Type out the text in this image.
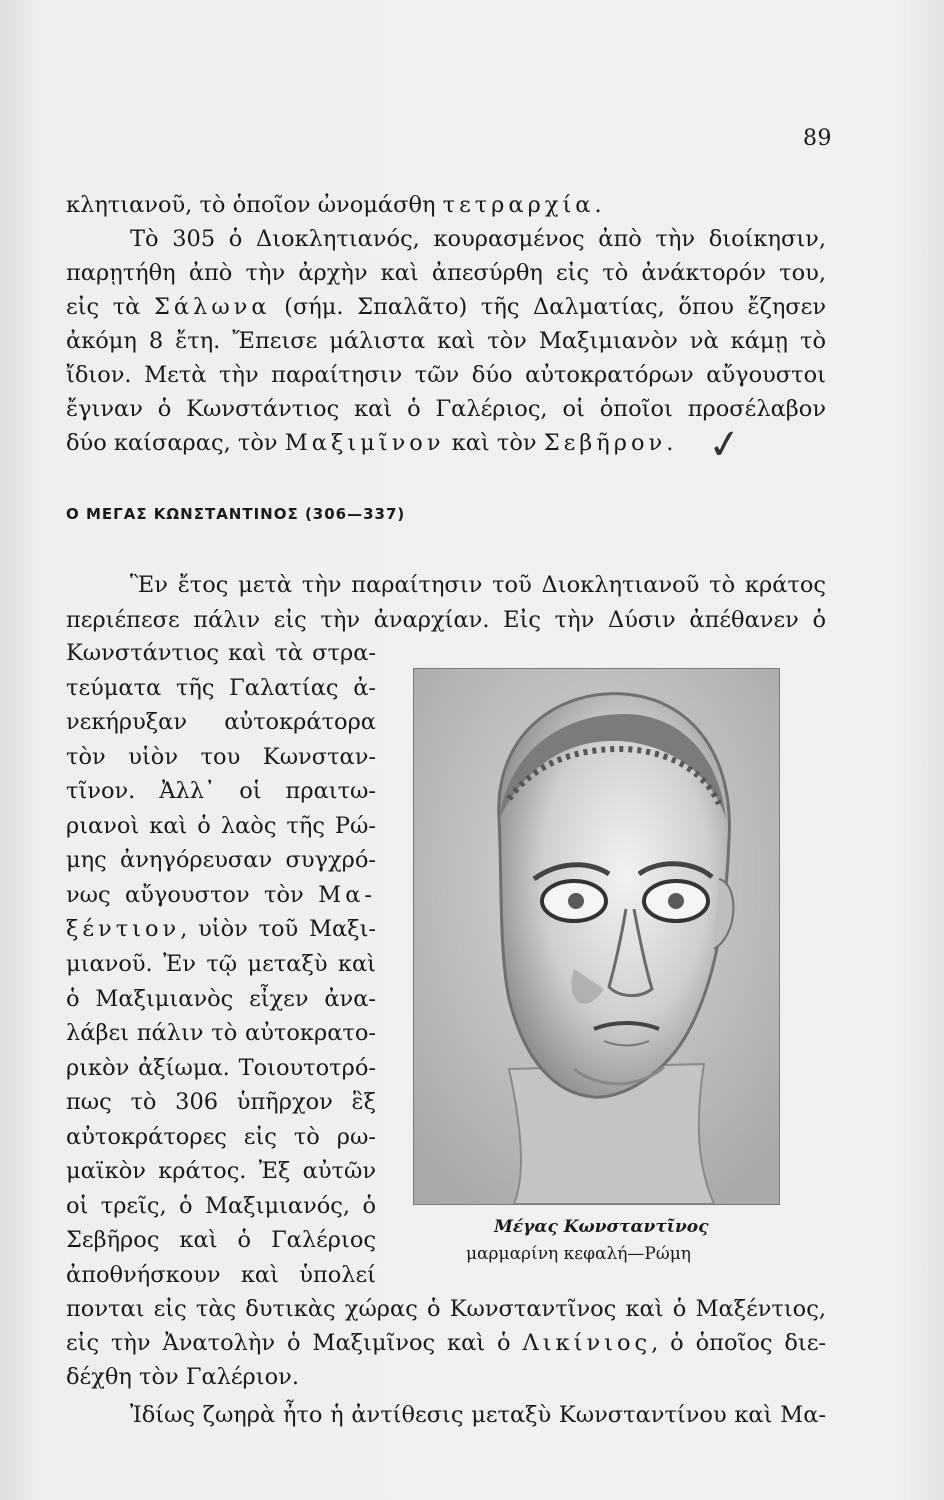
89
κλητιανοῦ, τὸ ὁποῖον ὠνομάσθη τετραρχία.
Τὸ 305 ὁ Διοκλητιανός, κουρασμένος ἀπὸ τὴν διοίκησιν,
παρῃτήθη ἀπὸ τὴν ἀρχὴν καὶ ἀπεσύρθη εἰς τὸ ἀνάκτορόν του,
εἰς τὰ Σάλωνα (σήμ. Σπαλᾶτο) τῆς Δαλματίας, ὅπου ἔζησεν
ἀκόμη 8 ἔτη. Ἔπεισε μάλιστα καὶ τὸν Μαξιμιανὸν νὰ κάμῃ τὸ
ἴδιον. Μετὰ τὴν παραίτησιν τῶν δύο αὐτοκρατόρων αὔγουστοι
ἔγιναν ὁ Κωνστάντιος καὶ ὁ Γαλέριος, οἱ ὁποῖοι προσέλαβον
δύο καίσαρας, τὸν Μαξιμῖνον καὶ τὸν Σεβῆρον. ✓
Ο ΜΕΓΑΣ ΚΩΝΣΤΑΝΤΙΝΟΣ (306—337)
Ἓν ἔτος μετὰ τὴν παραίτησιν τοῦ Διοκλητιανοῦ τὸ κράτος
περιέπεσε πάλιν εἰς τὴν ἀναρχίαν. Εἰς τὴν Δύσιν ἀπέθανεν ὁ
Κωνστάντιος καὶ τὰ στρα-
τεύματα τῆς Γαλατίας ἀ-
νεκήρυξαν αὐτοκράτορα
τὸν υἱὸν του Κωνσταν-
τῖνον. Ἀλλ᾿ οἱ πραιτω-
ριανοὶ καὶ ὁ λαὸς τῆς Ρώ-
μης ἀνηγόρευσαν συγχρό-
νως αὔγουστον τὸν Μα-
ξέντιον, υἱὸν τοῦ Μαξι-
μιανοῦ. Ἐν τῷ μεταξὺ καὶ
ὁ Μαξιμιανὸς εἶχεν ἀνα-
λάβει πάλιν τὸ αὐτοκρατο-
ρικὸν ἀξίωμα. Τοιουτοτρό-
πως τὸ 306 ὑπῆρχον ἓξ
αὐτοκράτορες εἰς τὸ ρω-
μαϊκὸν κράτος. Ἐξ αὐτῶν
οἱ τρεῖς, ὁ Μαξιμιανός, ὁ
Σεβῆρος καὶ ὁ Γαλέριος
ἀποθνήσκουν καὶ ὑπολεί
πονται εἰς τὰς δυτικὰς χώρας ὁ Κωνσταντῖνος καὶ ὁ Μαξέντιος,
εἰς τὴν Ἀνατολὴν ὁ Μαξιμῖνος καὶ ὁ Λικίνιος, ὁ ὁποῖος διε-
δέχθη τὸν Γαλέριον.
Μέγας Κωνσταντῖνος
μαρμαρίνη κεφαλή—Ρώμη
Ἰδίως ζωηρὰ ἦτο ἡ ἀντίθεσις μεταξὺ Κωνσταντίνου καὶ Μα-
